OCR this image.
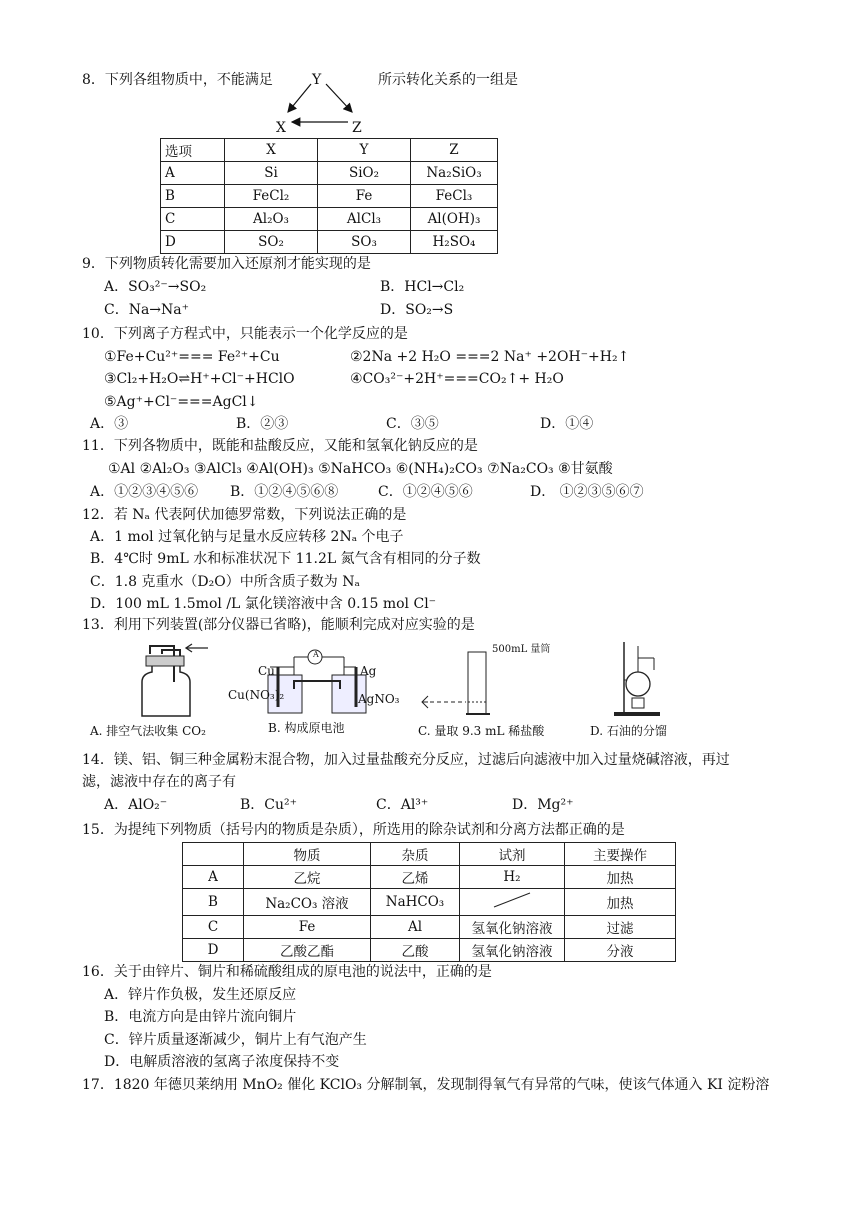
8．下列各组物质中，不能满足	Y
X	Z
所示转化关系的一组是
选项	X	Y	Z
A	Si	SiO₂	Na₂SiO₃
B	FeCl₂	Fe	FeCl₃
C	Al₂O₃	AlCl₃	Al(OH)₃
D	SO₂	SO₃	H₂SO₄
9．下列物质转化需要加入还原剂才能实现的是
A．SO₃²⁻→SO₂	B．HCl→Cl₂
C．Na→Na⁺	D．SO₂→S
10．下列离子方程式中，只能表示一个化学反应的是
①Fe+Cu²⁺=== Fe²⁺+Cu	②2Na +2 H₂O ===2 Na⁺ +2OH⁻+H₂↑
③Cl₂+H₂O⇌H⁺+Cl⁻+HClO	④CO₃²⁻+2H⁺===CO₂↑+ H₂O
⑤Ag⁺+Cl⁻===AgCl↓
A．③	B．②③	C．③⑤	D．①④
11．下列各物质中，既能和盐酸反应，又能和氢氧化钠反应的是
①Al ②Al₂O₃ ③AlCl₃ ④Al(OH)₃ ⑤NaHCO₃ ⑥(NH₄)₂CO₃ ⑦Na₂CO₃ ⑧甘氨酸
A．①②③④⑤⑥ B．①②④⑤⑥⑧	C．①②④⑤⑥	D． ①②③⑤⑥⑦
12．若 Nₐ 代表阿伏加德罗常数，下列说法正确的是
A．1 mol 过氧化钠与足量水反应转移 2Nₐ 个电子
B．4℃时 9mL 水和标准状况下 11.2L 氮气含有相同的分子数
C．1.8 克重水（D₂O）中所含质子数为 Nₐ
D．100 mL 1.5mol /L 氯化镁溶液中含 0.15 mol Cl⁻
13．利用下列装置(部分仪器已省略)，能顺利完成对应实验的是
A. 排空气法收集 CO₂
A
Cu	Ag
Cu(NO₃)₂	AgNO₃
B. 构成原电池
500mL 量筒
C. 量取 9.3 mL 稀盐酸	D. 石油的分馏
14．镁、铝、铜三种金属粉末混合物，加入过量盐酸充分反应，过滤后向滤液中加入过量烧碱溶液，再过
滤，滤液中存在的离子有
A．AlO₂⁻	B．Cu²⁺	C．Al³⁺	D．Mg²⁺
15．为提纯下列物质（括号内的物质是杂质），所选用的除杂试剂和分离方法都正确的是
	物质	杂质	试剂	主要操作
A	乙烷	乙烯	H₂	加热
B	Na₂CO₃ 溶液	NaHCO₃		加热
C	Fe	Al	氢氧化钠溶液	过滤
D	乙酸乙酯	乙酸	氢氧化钠溶液	分液
16．关于由锌片、铜片和稀硫酸组成的原电池的说法中，正确的是
A．锌片作负极，发生还原反应
B．电流方向是由锌片流向铜片
C．锌片质量逐渐减少，铜片上有气泡产生
D．电解质溶液的氢离子浓度保持不变
17．1820 年德贝莱纳用 MnO₂ 催化 KClO₃ 分解制氧，发现制得氧气有异常的气味，使该气体通入 KI 淀粉溶
